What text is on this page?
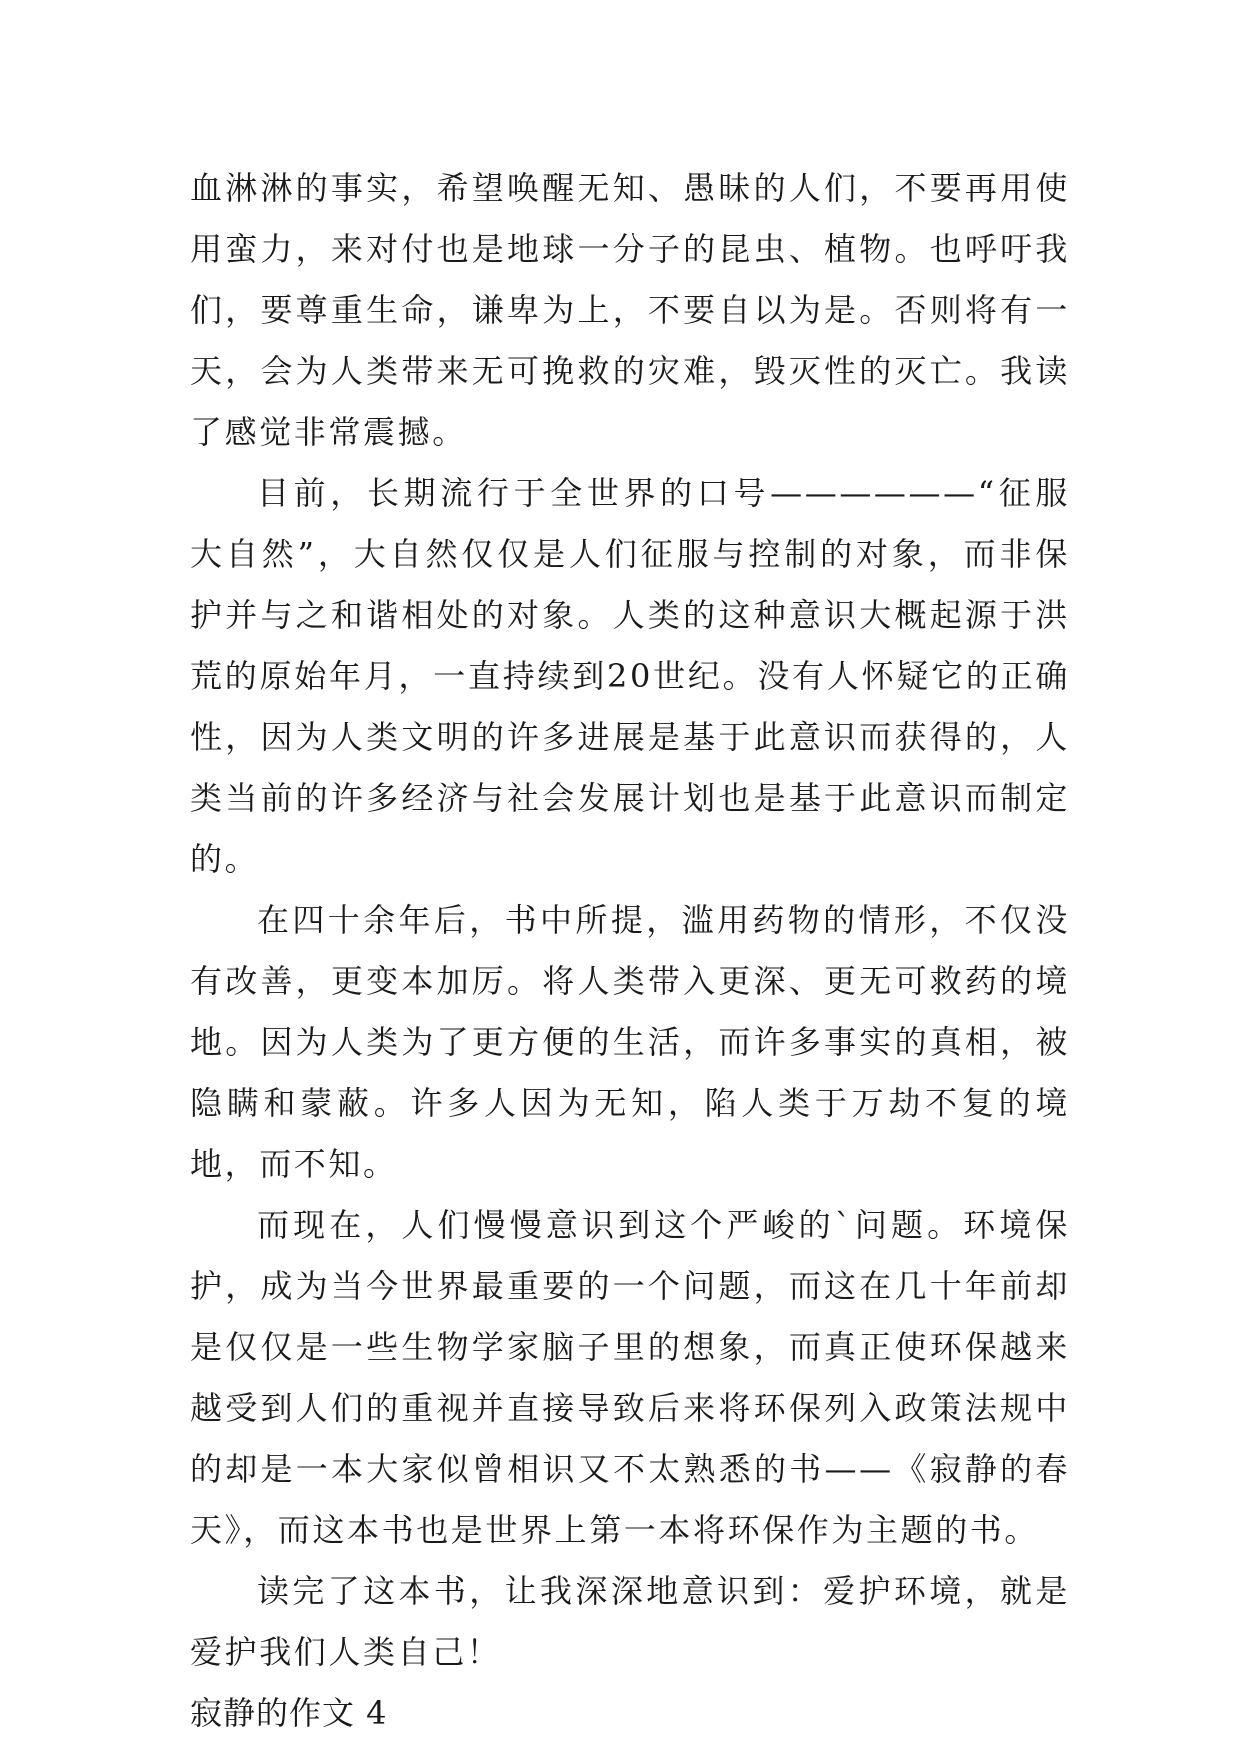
血淋淋的事实，希望唤醒无知、愚昧的人们，不要再用使用蛮力，来对付也是地球一分子的昆虫、植物。也呼吁我们，要尊重生命，谦卑为上，不要自以为是。否则将有一天，会为人类带来无可挽救的灾难，毁灭性的灭亡。我读了感觉非常震撼。

目前，长期流行于全世界的口号——————“征服大自然”，大自然仅仅是人们征服与控制的对象，而非保护并与之和谐相处的对象。人类的这种意识大概起源于洪荒的原始年月，一直持续到20世纪。没有人怀疑它的正确性，因为人类文明的许多进展是基于此意识而获得的，人类当前的许多经济与社会发展计划也是基于此意识而制定的。

在四十余年后，书中所提，滥用药物的情形，不仅没有改善，更变本加厉。将人类带入更深、更无可救药的境地。因为人类为了更方便的生活，而许多事实的真相，被隐瞒和蒙蔽。许多人因为无知，陷人类于万劫不复的境地，而不知。

而现在，人们慢慢意识到这个严峻的`问题。环境保护，成为当今世界最重要的一个问题，而这在几十年前却是仅仅是一些生物学家脑子里的想象，而真正使环保越来越受到人们的重视并直接导致后来将环保列入政策法规中的却是一本大家似曾相识又不太熟悉的书——《寂静的春天》，而这本书也是世界上第一本将环保作为主题的书。

读完了这本书，让我深深地意识到：爱护环境，就是爱护我们人类自己！

寂静的作文 4
